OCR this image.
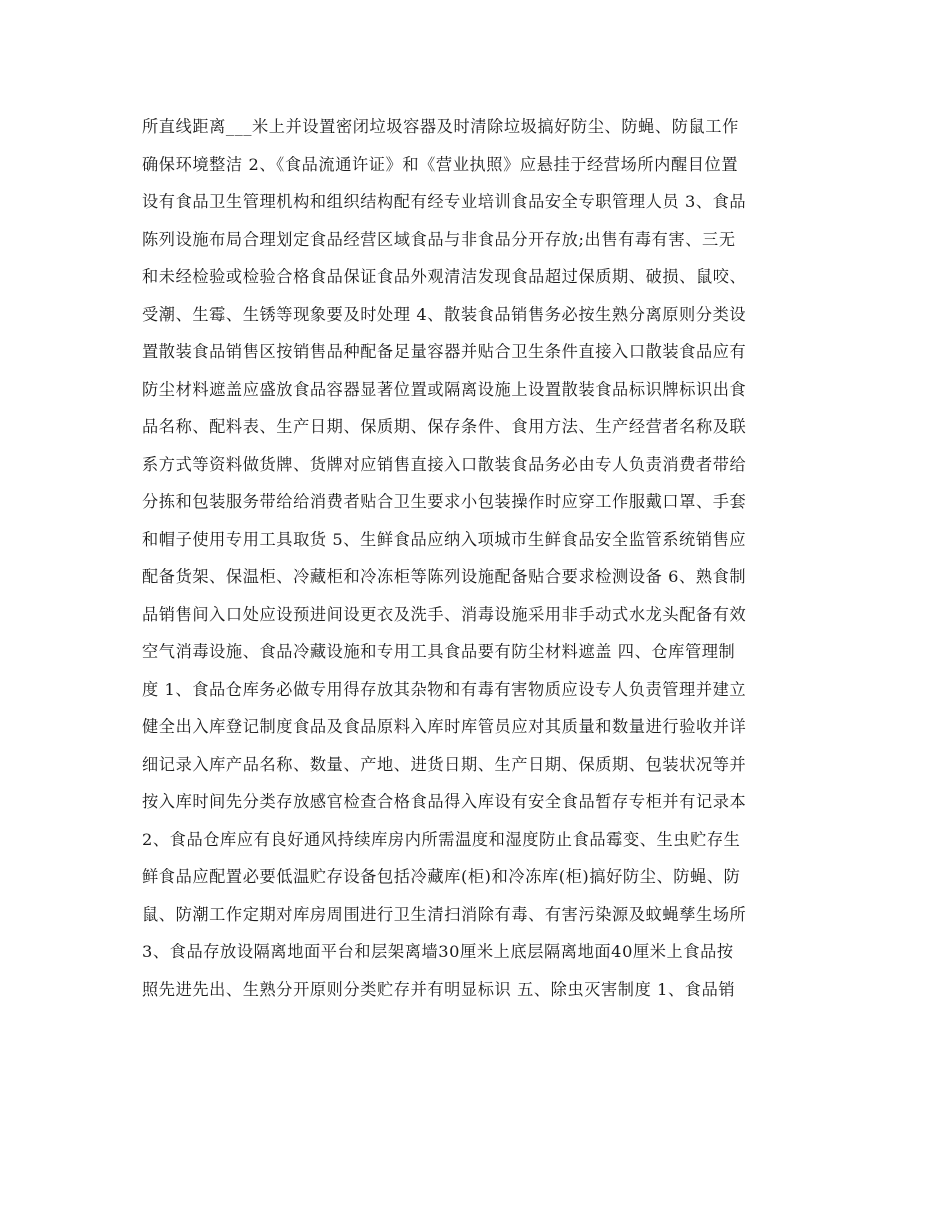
所直线距离___米上并设置密闭垃圾容器及时清除垃圾搞好防尘、防蝇、防鼠工作
确保环境整洁 2、《食品流通许证》和《营业执照》应悬挂于经营场所内醒目位置
设有食品卫生管理机构和组织结构配有经专业培训食品安全专职管理人员 3、食品
陈列设施布局合理划定食品经营区域食品与非食品分开存放;出售有毒有害、三无
和未经检验或检验合格食品保证食品外观清洁发现食品超过保质期、破损、鼠咬、
受潮、生霉、生锈等现象要及时处理 4、散装食品销售务必按生熟分离原则分类设
置散装食品销售区按销售品种配备足量容器并贴合卫生条件直接入口散装食品应有
防尘材料遮盖应盛放食品容器显著位置或隔离设施上设置散装食品标识牌标识出食
品名称、配料表、生产日期、保质期、保存条件、食用方法、生产经营者名称及联
系方式等资料做货牌、货牌对应销售直接入口散装食品务必由专人负责消费者带给
分拣和包装服务带给给消费者贴合卫生要求小包装操作时应穿工作服戴口罩、手套
和帽子使用专用工具取货 5、生鲜食品应纳入项城市生鲜食品安全监管系统销售应
配备货架、保温柜、冷藏柜和冷冻柜等陈列设施配备贴合要求检测设备 6、熟食制
品销售间入口处应设预进间设更衣及洗手、消毒设施采用非手动式水龙头配备有效
空气消毒设施、食品冷藏设施和专用工具食品要有防尘材料遮盖 四、仓库管理制
度 1、食品仓库务必做专用得存放其杂物和有毒有害物质应设专人负责管理并建立
健全出入库登记制度食品及食品原料入库时库管员应对其质量和数量进行验收并详
细记录入库产品名称、数量、产地、进货日期、生产日期、保质期、包装状况等并
按入库时间先分类存放感官检查合格食品得入库设有安全食品暂存专柜并有记录本
2、食品仓库应有良好通风持续库房内所需温度和湿度防止食品霉变、生虫贮存生
鲜食品应配置必要低温贮存设备包括冷藏库(柜)和冷冻库(柜)搞好防尘、防蝇、防
鼠、防潮工作定期对库房周围进行卫生清扫消除有毒、有害污染源及蚊蝇孳生场所
3、食品存放设隔离地面平台和层架离墙30厘米上底层隔离地面40厘米上食品按
照先进先出、生熟分开原则分类贮存并有明显标识 五、除虫灭害制度 1、食品销
